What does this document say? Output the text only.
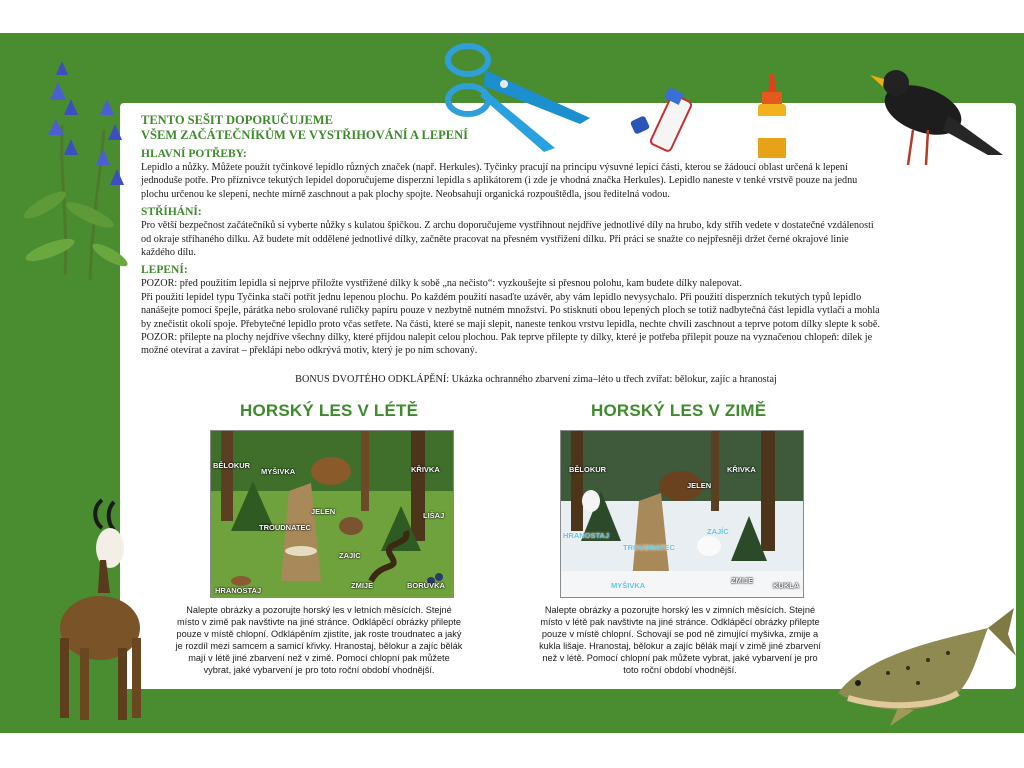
TENTO SEŠIT DOPORUČUJEME

VŠEM ZAČÁTEČNÍKŮM VE VYSTŘIHOVÁNÍ A LEPENÍ

HLAVNÍ POTŘEBY:

Lepidlo a nůžky. Můžete použít tyčinkové lepidlo různých značek (např. Herkules). Tyčinky pracují na principu výsuvné lepící části, kterou se žádoucí oblast určená k lepení jednoduše potře. Pro příznivce tekutých lepidel doporučujeme disperzní lepidla s aplikátorem (i zde je vhodná značka Herkules). Lepidlo naneste v tenké vrstvě pouze na jednu plochu určenou ke slepení, nechte mírně zaschnout a pak plochy spojte. Neobsahují organická rozpouštědla, jsou ředitelná vodou.

STŘÍHÁNÍ:

Pro větší bezpečnost začátečníků si vyberte nůžky s kulatou špičkou. Z archu doporučujeme vystřihnout nejdříve jednotlivé díly na hrubo, kdy stříh vedete v dostatečné vzdálenosti od okraje stříhaného dílku. Až budete mít oddělené jednotlivé dílky, začněte pracovat na přesném vystřižení dílku. Při práci se snažte co nejpřesněji držet černé okrajové linie každého dílu.

LEPENÍ:

POZOR: před použitím lepidla si nejprve přiložte vystřižené dílky k sobě „na nečisto“: vyzkoušejte si přesnou polohu, kam budete dílky nalepovat.

Při použití lepidel typu Tyčinka stačí potřít jednu lepenou plochu. Po každém použití nasaďte uzávěr, aby vám lepidlo nevysychalo. Při použití disperzních tekutých typů lepidlo nanášejte pomocí špejle, párátka nebo srolované ruličky papíru pouze v nezbytně nutném množství. Po stisknutí obou lepených ploch se totiž nadbytečná část lepidla vytlačí a mohla by znečistit okolí spoje. Přebytečné lepidlo proto včas setřete. Na části, které se mají slepit, naneste tenkou vrstvu lepidla, nechte chvíli zaschnout a teprve potom dílky slepte k sobě. POZOR: přilepte na plochy nejdříve všechny dílky, které přijdou nalepit celou plochou. Pak teprve přilepte ty dílky, které je potřeba přilepit pouze na vyznačenou chlopeň: dílek je možné otevírat a zavírat – překlápí nebo odkrývá motiv, který je po ním schovaný.

BONUS DVOJTÉHO ODKLÁPĚNÍ: Ukázka ochranného zbarvení zima–léto u třech zvířat: bělokur, zajíc a hranostaj
HORSKÝ LES V LÉTĚ
BĚLOKUR
MYŠIVKA	KŘIVKA
JELEN	LIŠAJ
TROUDNATEC
ZAJÍC
ZMIJE
HRANOSTAJ
BORŮVKA
Nalepte obrázky a pozorujte horský les v letních měsících. Stejné místo v zimě pak navštivte na jiné stránce. Odklápěcí obrázky přilepte pouze v místě chlopní. Odklápěním zjistíte, jak roste troudnatec a jaký je rozdíl mezi samcem a samicí křivky. Hranostaj, bělokur a zajíc bělák mají v létě jiné zbarvení než v zimě. Pomocí chlopní pak můžete vybrat, jaké vybarvení je pro toto roční období vhodnější.
HORSKÝ LES V ZIMĚ
BĚLOKUR	KŘIVKA
JELEN
HRANOSTAJ
TROUDNATEC
ZAJÍC
ZMIJE
KUKLA
MYŠIVKA
Nalepte obrázky a pozorujte horský les v zimních měsících. Stejné místo v létě pak navštivte na jiné stránce. Odklápěcí obrázky přilepte pouze v místě chlopní. Schovají se pod ně zimující myšivka, zmije a kukla lišaje. Hranostaj, bělokur a zajíc bělák mají v zimě jiné zbarvení než v létě. Pomocí chlopní pak můžete vybrat, jaké vybarvení je pro toto roční období vhodnější.
